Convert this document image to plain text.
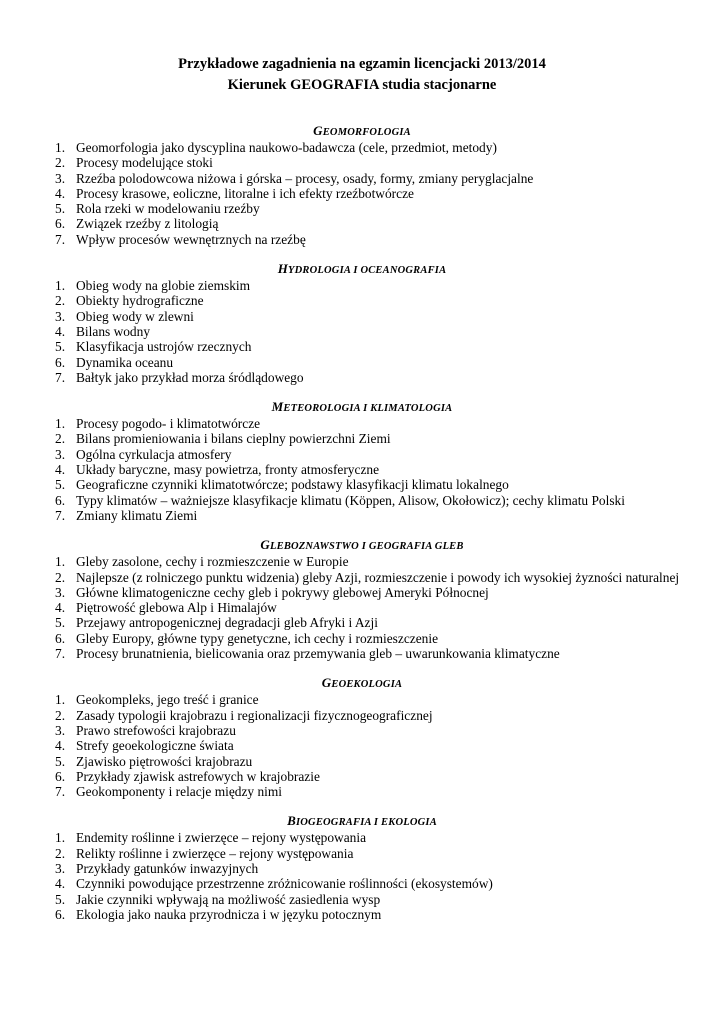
Przykładowe zagadnienia na egzamin licencjacki 2013/2014
Kierunek GEOGRAFIA studia stacjonarne
GEOMORFOLOGIA
1. Geomorfologia jako dyscyplina naukowo-badawcza (cele, przedmiot, metody)
2. Procesy modelujące stoki
3. Rzeźba polodowcowa niżowa i górska – procesy, osady, formy, zmiany peryglacjalne
4. Procesy krasowe, eoliczne, litoralne i ich efekty rzeźbotwórcze
5. Rola rzeki w modelowaniu rzeźby
6. Związek rzeźby z litologią
7. Wpływ procesów wewnętrznych na rzeźbę
HYDROLOGIA I OCEANOGRAFIA
1. Obieg wody na globie ziemskim
2. Obiekty hydrograficzne
3. Obieg wody w zlewni
4. Bilans wodny
5. Klasyfikacja ustrojów rzecznych
6. Dynamika oceanu
7. Bałtyk jako przykład morza śródlądowego
METEOROLOGIA I KLIMATOLOGIA
1. Procesy pogodo- i klimatotwórcze
2. Bilans promieniowania i bilans cieplny powierzchni Ziemi
3. Ogólna cyrkulacja atmosfery
4. Układy baryczne, masy powietrza, fronty atmosferyczne
5. Geograficzne czynniki klimatotwórcze; podstawy klasyfikacji klimatu lokalnego
6. Typy klimatów – ważniejsze klasyfikacje klimatu (Köppen, Alisow, Okołowicz); cechy klimatu Polski
7. Zmiany klimatu Ziemi
GLEBOZNAWSTWO I GEOGRAFIA GLEB
1. Gleby zasolone, cechy i rozmieszczenie w Europie
2. Najlepsze (z rolniczego punktu widzenia) gleby Azji, rozmieszczenie i powody ich wysokiej żyzności naturalnej
3. Główne klimatogeniczne cechy gleb i pokrywy glebowej Ameryki Północnej
4. Piętrowość glebowa Alp i Himalajów
5. Przejawy antropogenicznej degradacji gleb Afryki i Azji
6. Gleby Europy, główne typy genetyczne, ich cechy i rozmieszczenie
7. Procesy brunatnienia, bielicowania oraz przemywania gleb – uwarunkowania klimatyczne
GEOEKOLOGIA
1. Geokompleks, jego treść i granice
2. Zasady typologii krajobrazu i regionalizacji fizycznogeograficznej
3. Prawo strefowości krajobrazu
4. Strefy geoekologiczne świata
5. Zjawisko piętrowości krajobrazu
6. Przykłady zjawisk astrefowych w krajobrazie
7. Geokomponenty i relacje między nimi
BIOGEOGRAFIA I EKOLOGIA
1. Endemity roślinne i zwierzęce – rejony występowania
2. Relikty roślinne i zwierzęce – rejony występowania
3. Przykłady gatunków inwazyjnych
4. Czynniki powodujące przestrzenne zróżnicowanie roślinności (ekosystemów)
5. Jakie czynniki wpływają na możliwość zasiedlenia wysp
6. Ekologia jako nauka przyrodnicza i w języku potocznym
